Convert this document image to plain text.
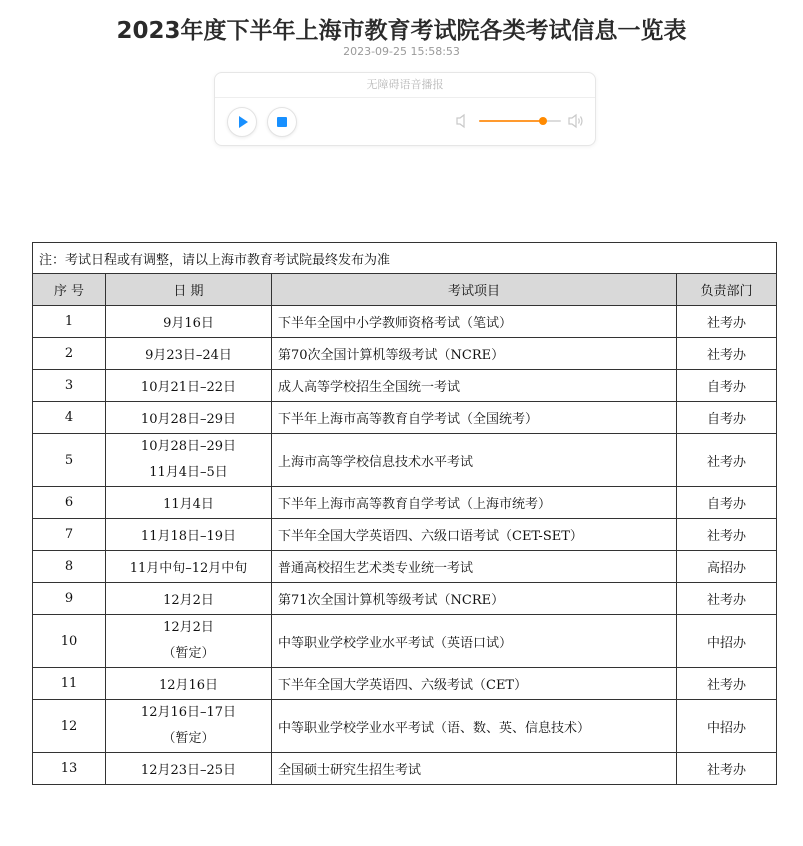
2023年度下半年上海市教育考试院各类考试信息一览表
2023-09-25 15:58:53
无障碍语音播报
注：考试日程或有调整，请以上海市教育考试院最终发布为准			
序 号	日 期	考试项目	负责部门
1	9月16日	下半年全国中小学教师资格考试（笔试）	社考办
2	9月23日–24日	第70次全国计算机等级考试（NCRE）	社考办
3	10月21日–22日	成人高等学校招生全国统一考试	自考办
4	10月28日–29日	下半年上海市高等教育自学考试（全国统考）	自考办
5	10月28日–29日
11月4日–5日	上海市高等学校信息技术水平考试	社考办
6	11月4日	下半年上海市高等教育自学考试（上海市统考）	自考办
7	11月18日–19日	下半年全国大学英语四、六级口语考试（CET-SET）	社考办
8	11月中旬–12月中旬	普通高校招生艺术类专业统一考试	高招办
9	12月2日	第71次全国计算机等级考试（NCRE）	社考办
10	12月2日
（暂定）	中等职业学校学业水平考试（英语口试）	中招办
11	12月16日	下半年全国大学英语四、六级考试（CET）	社考办
12	12月16日–17日
（暂定）	中等职业学校学业水平考试（语、数、英、信息技术）	中招办
13	12月23日–25日	全国硕士研究生招生考试	社考办
